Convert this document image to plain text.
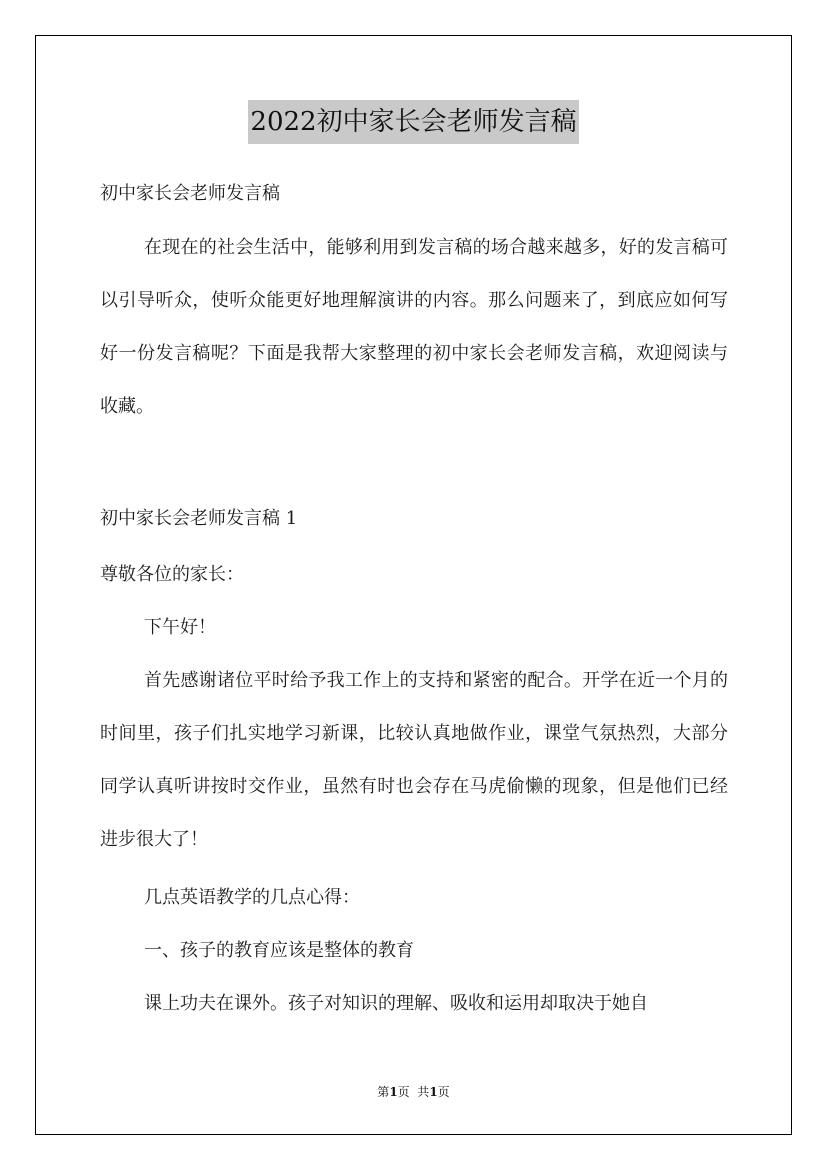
2022初中家长会老师发言稿
初中家长会老师发言稿

在现在的社会生活中，能够利用到发言稿的场合越来越多，好的发言稿可以引导听众，使听众能更好地理解演讲的内容。那么问题来了，到底应如何写好一份发言稿呢？下面是我帮大家整理的初中家长会老师发言稿，欢迎阅读与收藏。

初中家长会老师发言稿 1
尊敬各位的家长：
下午好！

首先感谢诸位平时给予我工作上的支持和紧密的配合。开学在近一个月的时间里，孩子们扎实地学习新课，比较认真地做作业，课堂气氛热烈，大部分同学认真听讲按时交作业，虽然有时也会存在马虎偷懒的现象，但是他们已经进步很大了！

几点英语教学的几点心得：
一、孩子的教育应该是整体的教育
课上功夫在课外。孩子对知识的理解、吸收和运用却取决于她自
第1页  共1页
